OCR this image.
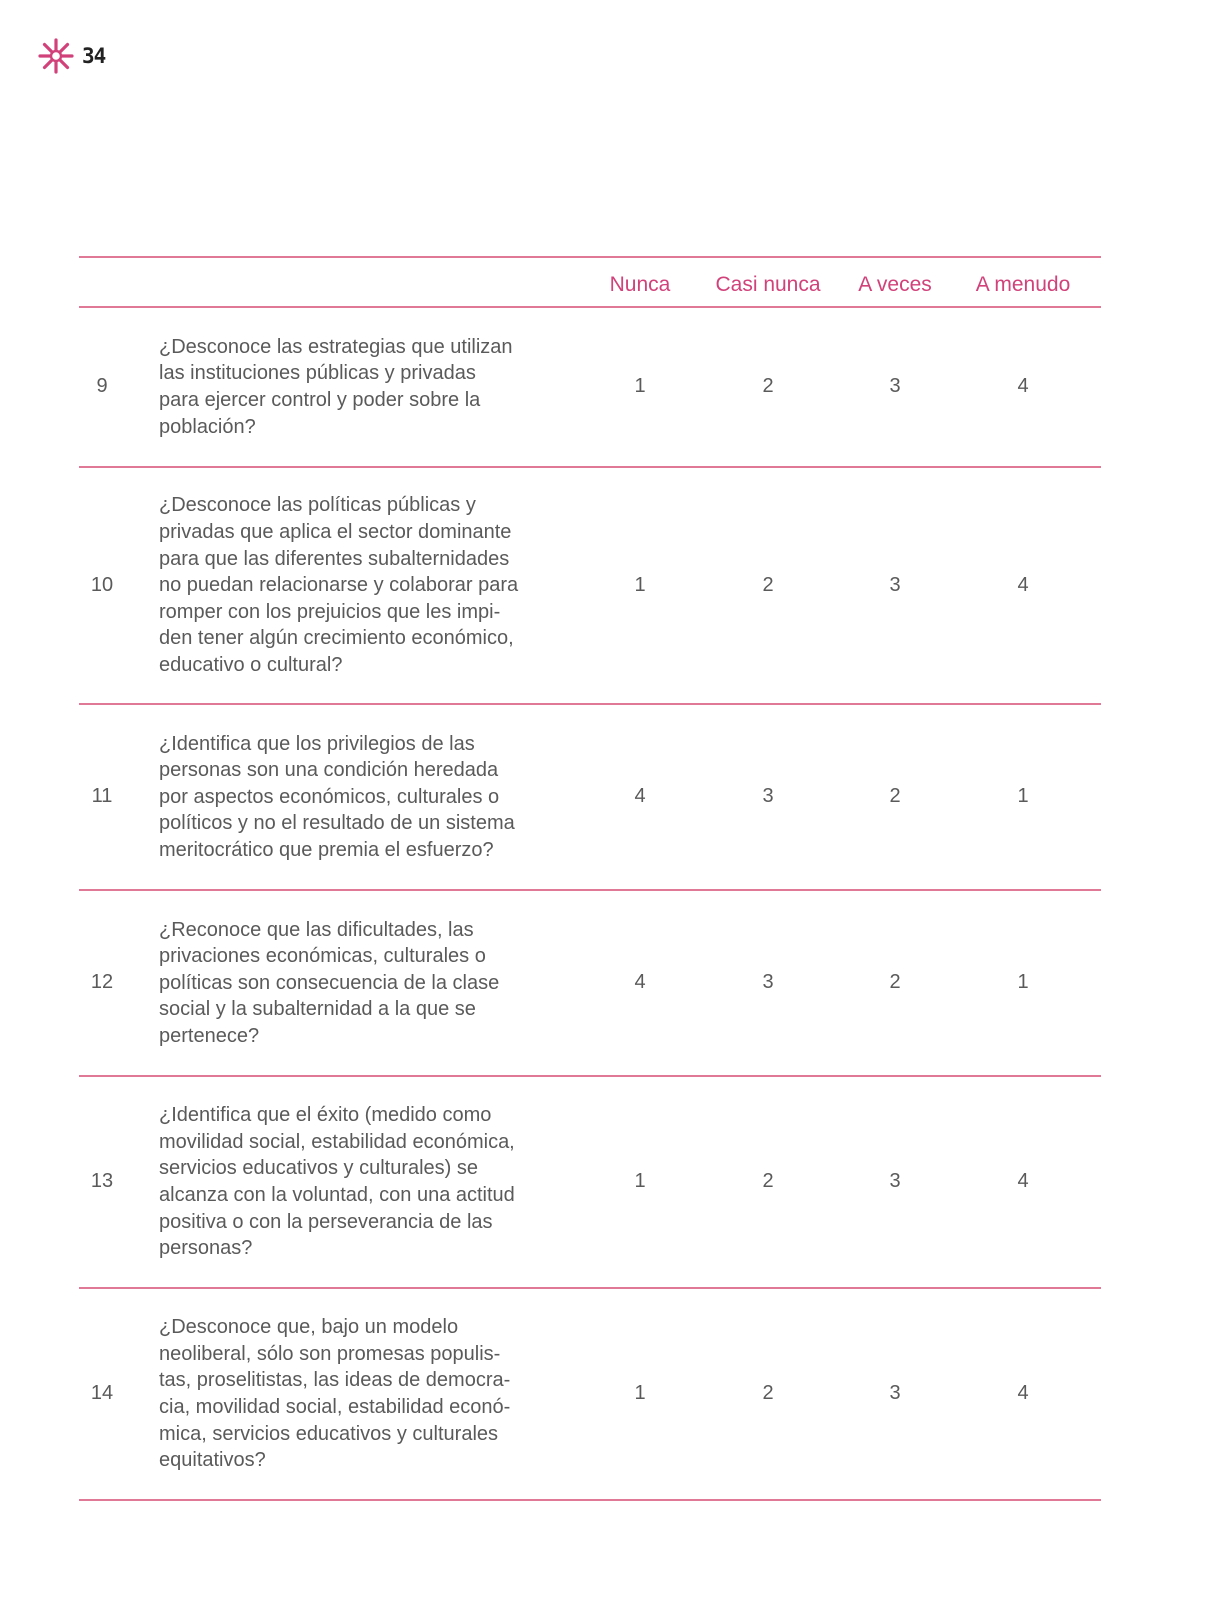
34
Nunca	Casi nunca	A veces	A menudo
9
¿Desconoce las estrategias que utilizan
las instituciones públicas y privadas
para ejercer control y poder sobre la
población?
1	2	3	4
10
¿Desconoce las políticas públicas y
privadas que aplica el sector dominante
para que las diferentes subalternidades
no puedan relacionarse y colaborar para
romper con los prejuicios que les impi-
den tener algún crecimiento económico,
educativo o cultural?
1	2	3	4
11
¿Identifica que los privilegios de las
personas son una condición heredada
por aspectos económicos, culturales o
políticos y no el resultado de un sistema
meritocrático que premia el esfuerzo?
4	3	2	1
12
¿Reconoce que las dificultades, las
privaciones económicas, culturales o
políticas son consecuencia de la clase
social y la subalternidad a la que se
pertenece?
4	3	2	1
13
¿Identifica que el éxito (medido como
movilidad social, estabilidad económica,
servicios educativos y culturales) se
alcanza con la voluntad, con una actitud
positiva o con la perseverancia de las
personas?
1	2	3	4
14
¿Desconoce que, bajo un modelo
neoliberal, sólo son promesas populis-
tas, proselitistas, las ideas de democra-
cia, movilidad social, estabilidad econó-
mica, servicios educativos y culturales
equitativos?
1	2	3	4
